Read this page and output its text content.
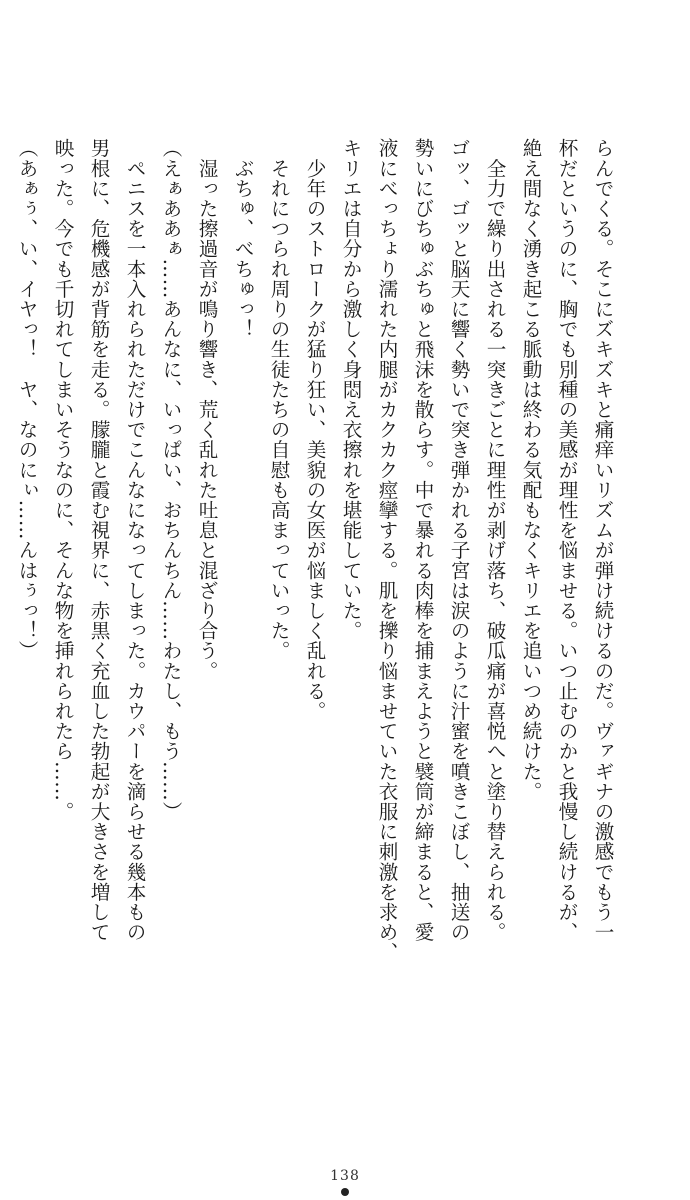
らんでくる。そこにズキズキと痛痒いリズムが弾け続けるのだ。ヴァギナの激感でもう一
杯だというのに、胸でも別種の美感が理性を悩ませる。いつ止むのかと我慢し続けるが、
絶え間なく湧き起こる脈動は終わる気配もなくキリエを追いつめ続けた。
　全力で繰り出される一突きごとに理性が剥げ落ち、破瓜痛が喜悦へと塗り替えられる。
ゴッ、ゴッと脳天に響く勢いで突き弾かれる子宮は涙のように汁蜜を噴きこぼし、抽送の
勢いにびちゅぶちゅと飛沫を散らす。中で暴れる肉棒を捕まえようと襞筒が締まると、愛
液にべっちょり濡れた内腿がカクカク痙攣する。肌を擽り悩ませていた衣服に刺激を求め、
キリエは自分から激しく身悶え衣擦れを堪能していた。
　少年のストロークが猛り狂い、美貌の女医が悩ましく乱れる。
　それにつられ周りの生徒たちの自慰も高まっていった。
　ぶちゅ、べちゅっ！
　湿った擦過音が鳴り響き、荒く乱れた吐息と混ざり合う。
（えぁああぁ……あんなに、いっぱい、おちんちん……わたし、もう……）
　ペニスを一本入れられただけでこんなになってしまった。カウパーを滴らせる幾本もの
男根に、危機感が背筋を走る。朦朧と霞む視界に、赤黒く充血した勃起が大きさを増して
映った。今でも千切れてしまいそうなのに、そんな物を挿れられたら……。
（あぁぅ、い、イヤっ！　ヤ、なのにぃ……んはぅっ！）
138
